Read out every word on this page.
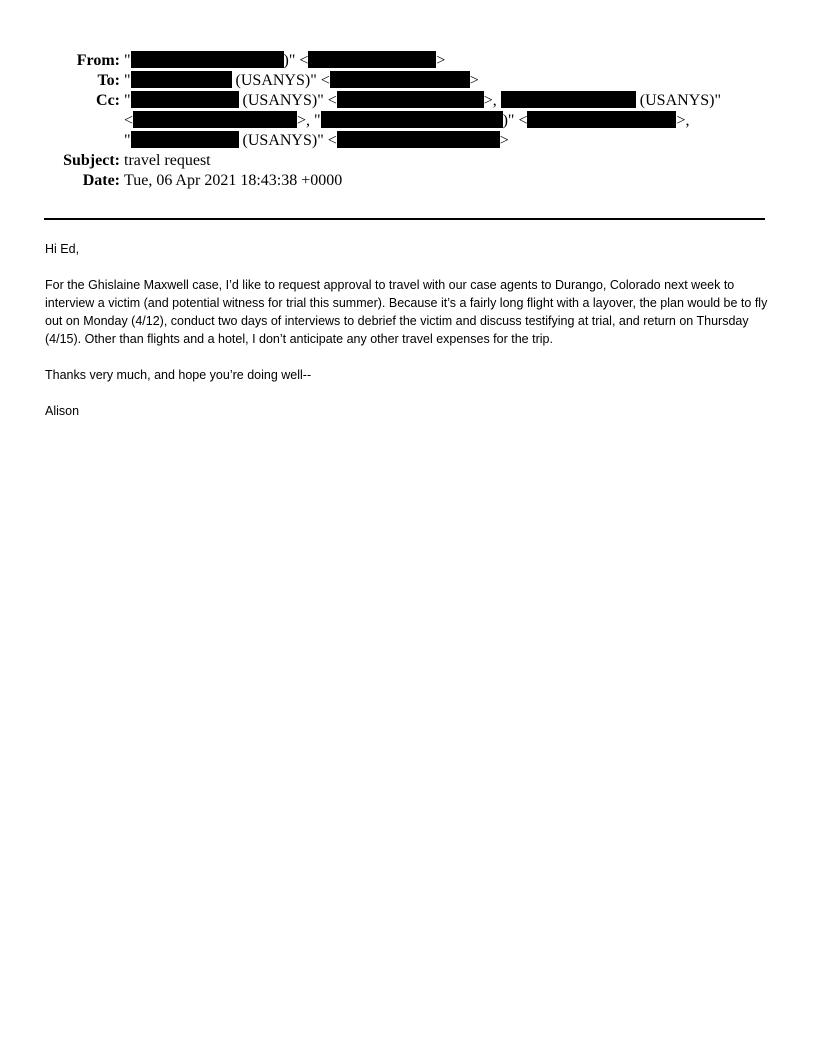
From: "	)" <	>
To: "	(USANYS)" <	>
Cc: "	(USANYS)" <	>,	(USANYS)"
<	>, "	)" <	>,
"	(USANYS)" <	>
Subject: travel request
Date: Tue, 06 Apr 2021 18:43:38 +0000

Hi Ed,

For the Ghislaine Maxwell case, I’d like to request approval to travel with our case agents to Durango, Colorado next week to interview a victim (and potential witness for trial this summer). Because it’s a fairly long flight with a layover, the plan would be to fly out on Monday (4/12), conduct two days of interviews to debrief the victim and discuss testifying at trial, and return on Thursday (4/15). Other than flights and a hotel, I don’t anticipate any other travel expenses for the trip.

Thanks very much, and hope you’re doing well--

Alison
